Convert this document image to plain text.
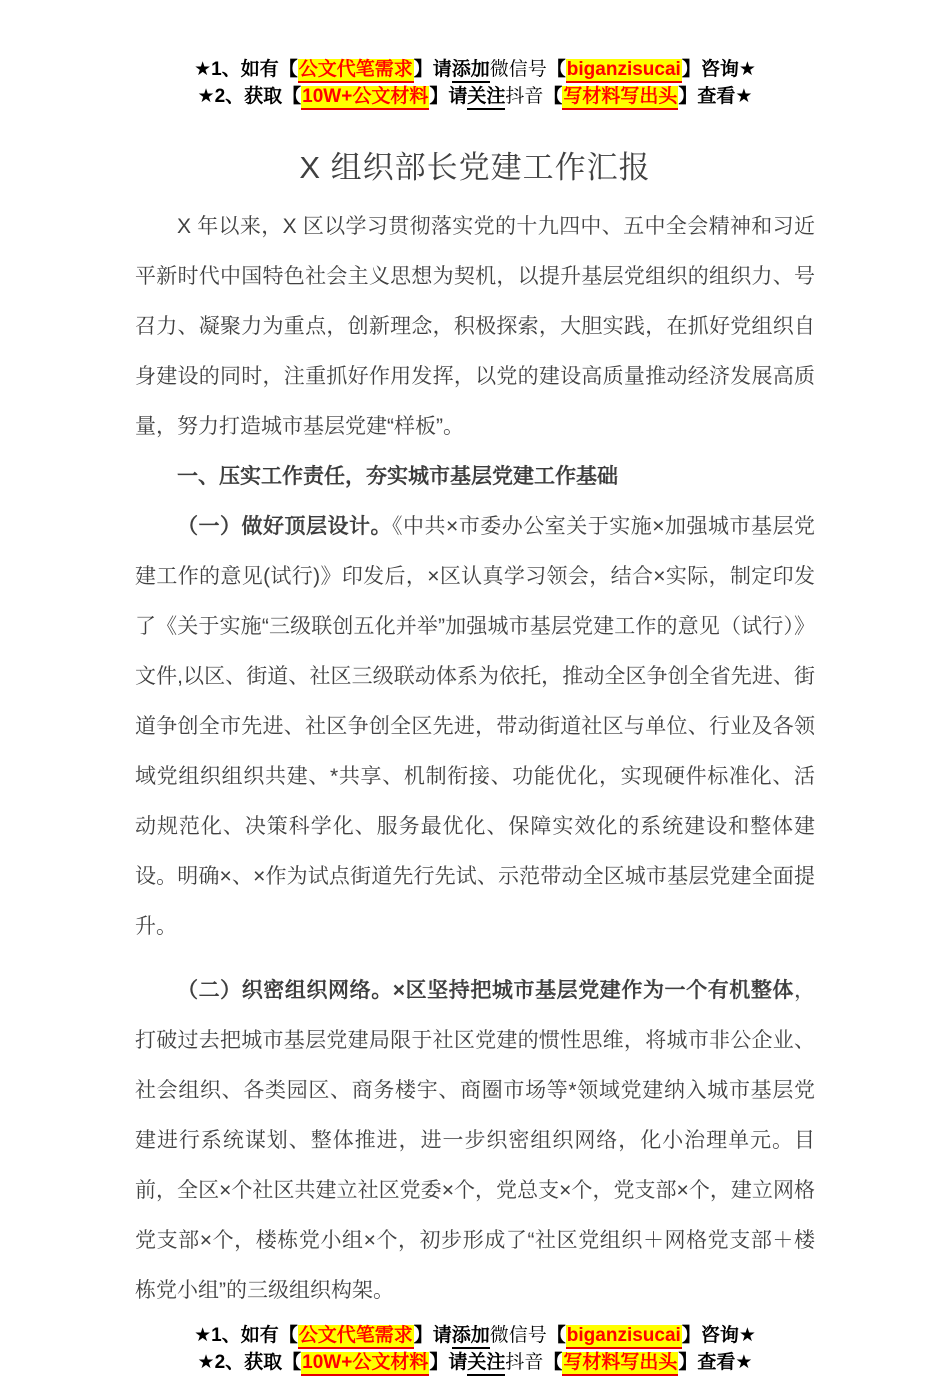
★1、如有【公文代笔需求】请添加微信号【biganzisucai】咨询★
★2、获取【10W+公文材料】请关注抖音【写材料写出头】查看★
X 组织部长党建工作汇报

X 年以来，X 区以学习贯彻落实党的十九四中、五中全会精神和习近平新时代中国特色社会主义思想为契机，以提升基层党组织的组织力、号召力、凝聚力为重点，创新理念，积极探索，大胆实践，在抓好党组织自身建设的同时，注重抓好作用发挥，以党的建设高质量推动经济发展高质量，努力打造城市基层党建“样板”。

一、压实工作责任，夯实城市基层党建工作基础

（一）做好顶层设计。《中共×市委办公室关于实施×加强城市基层党建工作的意见(试行)》印发后，×区认真学习领会，结合×实际，制定印发了《关于实施“三级联创五化并举”加强城市基层党建工作的意见（试行）》文件,以区、街道、社区三级联动体系为依托，推动全区争创全省先进、街道争创全市先进、社区争创全区先进，带动街道社区与单位、行业及各领域党组织组织共建、*共享、机制衔接、功能优化，实现硬件标准化、活动规范化、决策科学化、服务最优化、保障实效化的系统建设和整体建设。明确×、×作为试点街道先行先试、示范带动全区城市基层党建全面提升。

（二）织密组织网络。×区坚持把城市基层党建作为一个有机整体，打破过去把城市基层党建局限于社区党建的惯性思维，将城市非公企业、社会组织、各类园区、商务楼宇、商圈市场等*领域党建纳入城市基层党建进行系统谋划、整体推进，进一步织密组织网络，化小治理单元。目前，全区×个社区共建立社区党委×个，党总支×个，党支部×个，建立网格党支部×个，楼栋党小组×个，初步形成了“社区党组织＋网格党支部＋楼栋党小组”的三级组织构架。

★1、如有【公文代笔需求】请添加微信号【biganzisucai】咨询★
★2、获取【10W+公文材料】请关注抖音【写材料写出头】查看★
